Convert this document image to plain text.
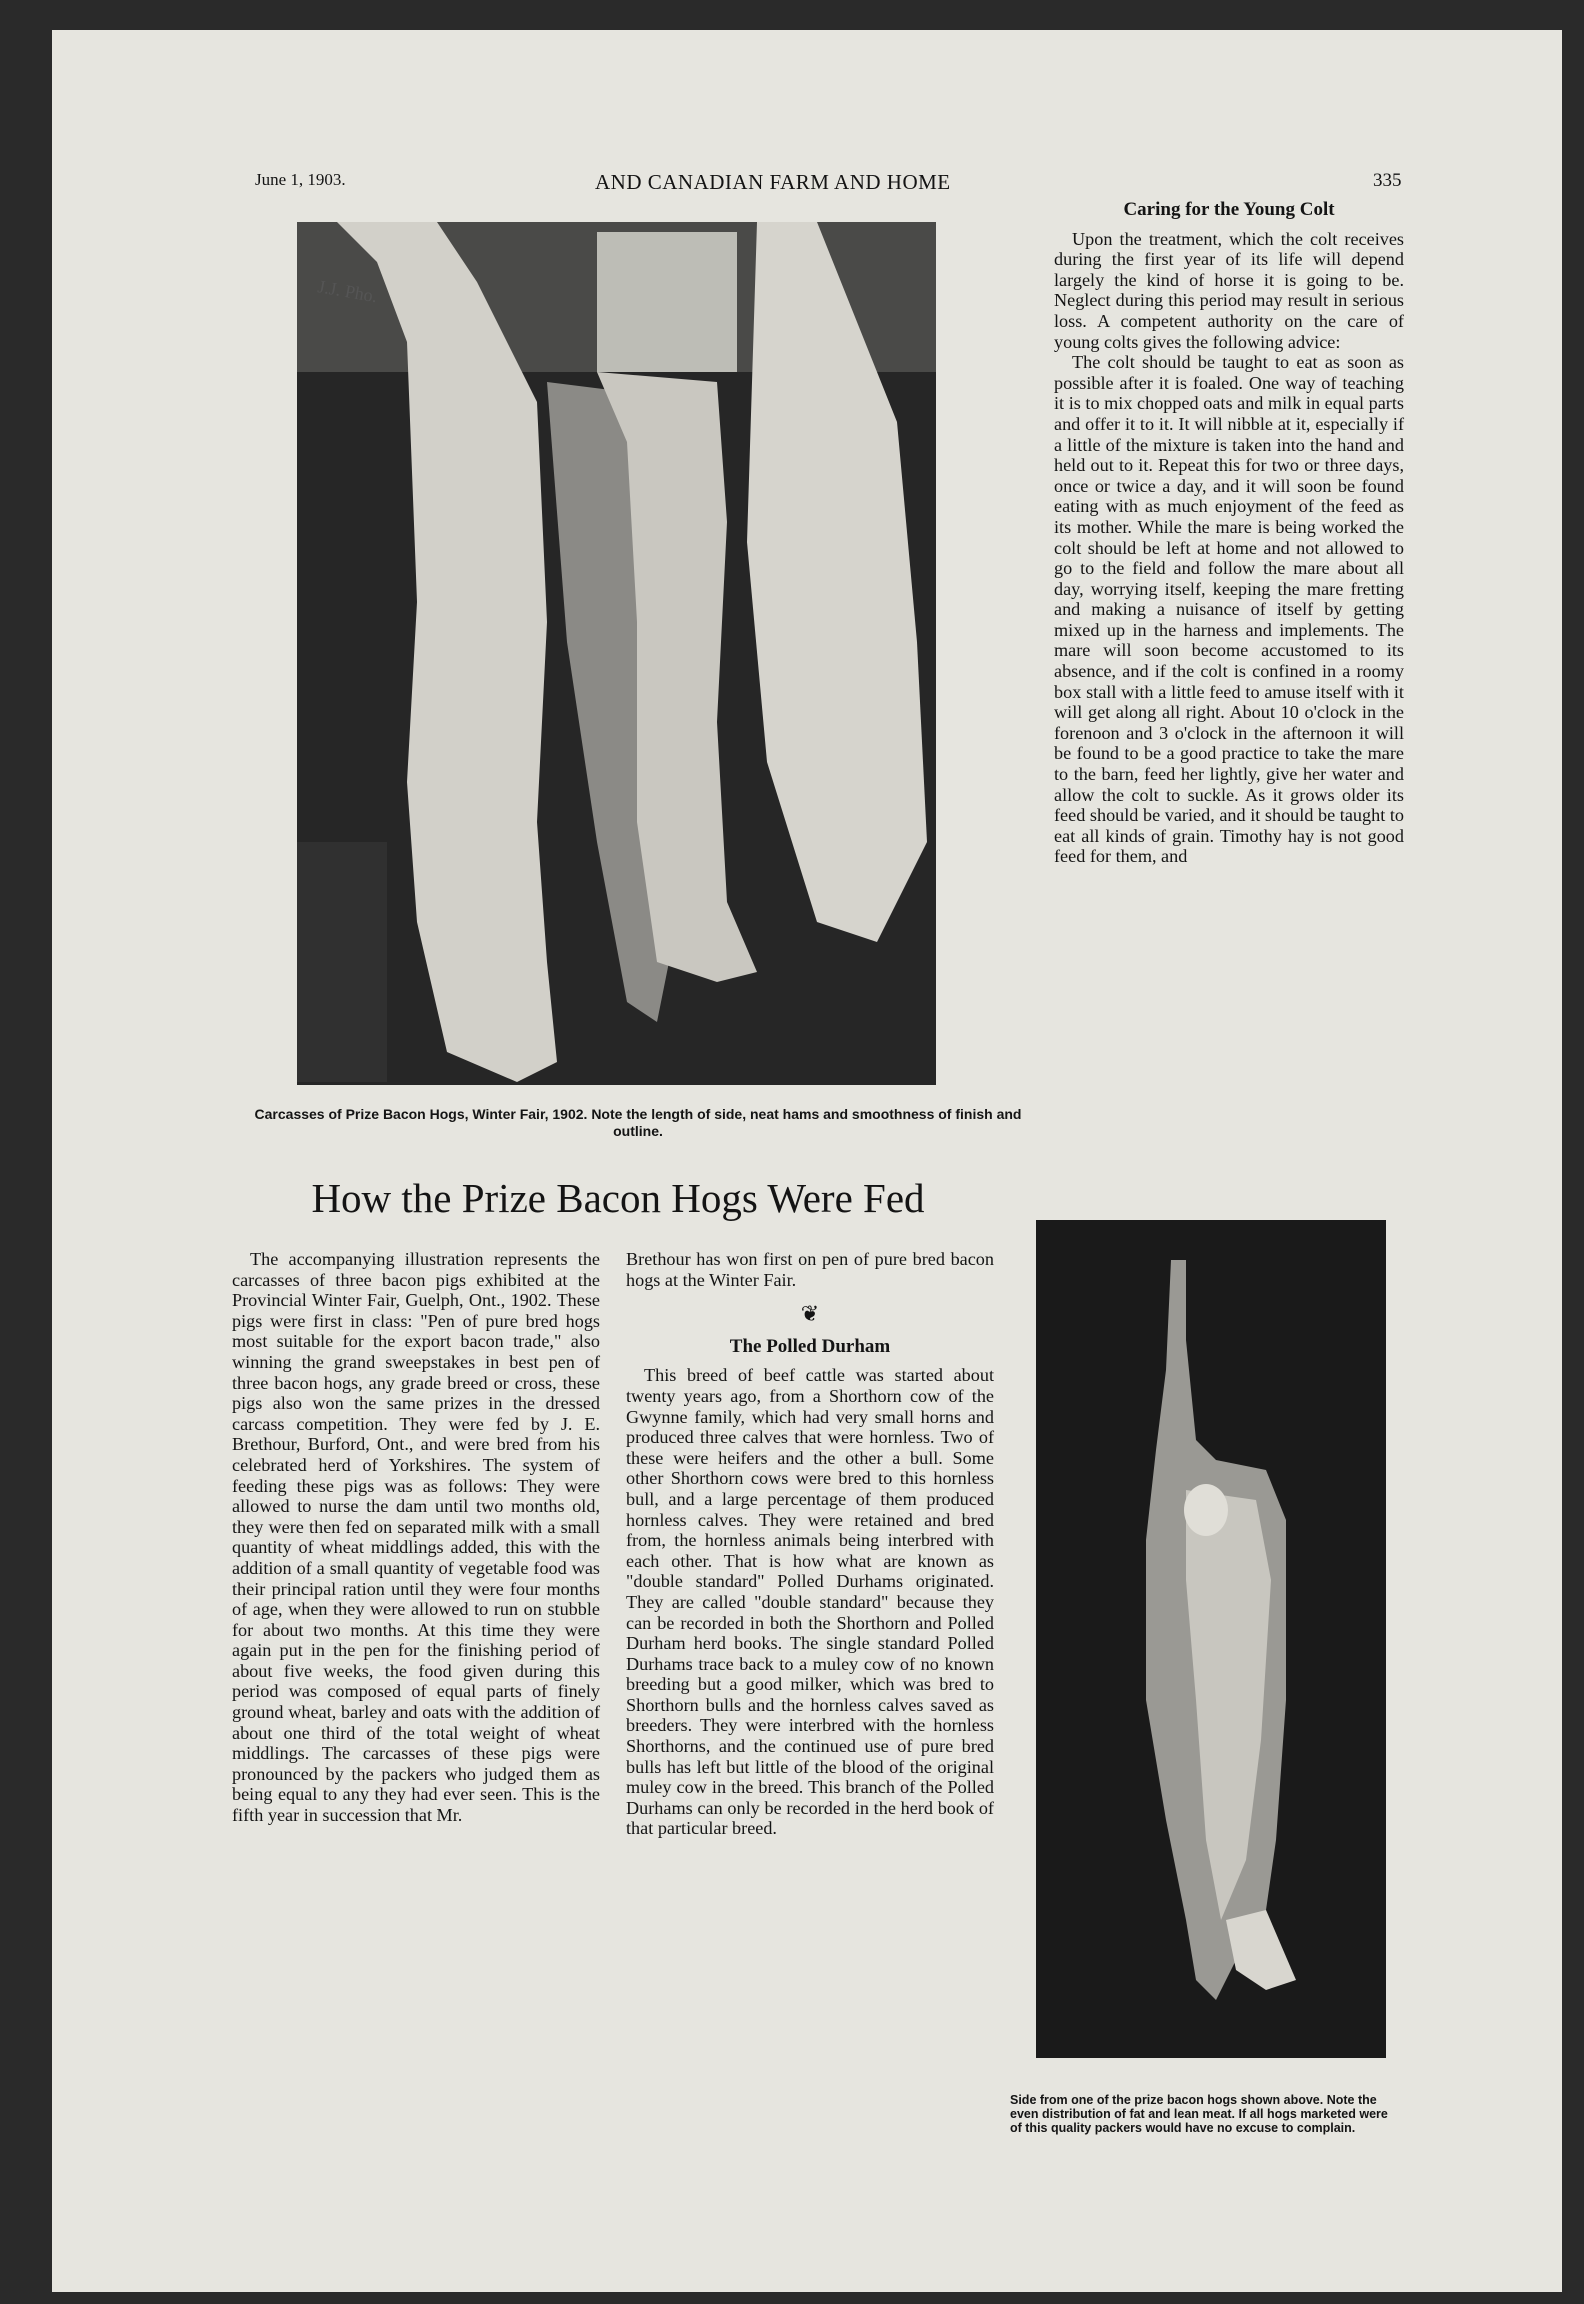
June 1, 1903.	AND CANADIAN FARM AND HOME	335
J.J. Pho.
Carcasses of Prize Bacon Hogs, Winter Fair, 1902. Note the length of side, neat hams and smoothness of finish and outline.
Caring for the Young Colt

Upon the treatment, which the colt receives during the first year of its life will depend largely the kind of horse it is going to be. Neglect during this period may result in serious loss. A competent authority on the care of young colts gives the following advice:

The colt should be taught to eat as soon as possible after it is foaled. One way of teaching it is to mix chopped oats and milk in equal parts and offer it to it. It will nibble at it, especially if a little of the mixture is taken into the hand and held out to it. Repeat this for two or three days, once or twice a day, and it will soon be found eating with as much enjoyment of the feed as its mother. While the mare is being worked the colt should be left at home and not allowed to go to the field and follow the mare about all day, worrying itself, keeping the mare fretting and making a nuisance of itself by getting mixed up in the harness and implements. The mare will soon become accustomed to its absence, and if the colt is confined in a roomy box stall with a little feed to amuse itself with it will get along all right. About 10 o'clock in the forenoon and 3 o'clock in the afternoon it will be found to be a good practice to take the mare to the barn, feed her lightly, give her water and allow the colt to suckle. As it grows older its feed should be varied, and it should be taught to eat all kinds of grain. Timothy hay is not good feed for them, and

Side from one of the prize bacon hogs shown above. Note the even distribution of fat and lean meat. If all hogs marketed were of this quality packers would have no excuse to complain.
How the Prize Bacon Hogs Were Fed

The accompanying illustration represents the carcasses of three bacon pigs exhibited at the Provincial Winter Fair, Guelph, Ont., 1902. These pigs were first in class: "Pen of pure bred hogs most suitable for the export bacon trade," also winning the grand sweepstakes in best pen of three bacon hogs, any grade breed or cross, these pigs also won the same prizes in the dressed carcass competition. They were fed by J. E. Brethour, Burford, Ont., and were bred from his celebrated herd of Yorkshires. The system of feeding these pigs was as follows: They were allowed to nurse the dam until two months old, they were then fed on separated milk with a small quantity of wheat middlings added, this with the addition of a small quantity of vegetable food was their principal ration until they were four months of age, when they were allowed to run on stubble for about two months. At this time they were again put in the pen for the finishing period of about five weeks, the food given during this period was composed of equal parts of finely ground wheat, barley and oats with the addition of about one third of the total weight of wheat middlings. The carcasses of these pigs were pronounced by the packers who judged them as being equal to any they had ever seen. This is the fifth year in succession that Mr.

Brethour has won first on pen of pure bred bacon hogs at the Winter Fair.

❦
The Polled Durham

This breed of beef cattle was started about twenty years ago, from a Shorthorn cow of the Gwynne family, which had very small horns and produced three calves that were hornless. Two of these were heifers and the other a bull. Some other Shorthorn cows were bred to this hornless bull, and a large percentage of them produced hornless calves. They were retained and bred from, the hornless animals being interbred with each other. That is how what are known as "double standard" Polled Durhams originated. They are called "double standard" because they can be recorded in both the Shorthorn and Polled Durham herd books. The single standard Polled Durhams trace back to a muley cow of no known breeding but a good milker, which was bred to Shorthorn bulls and the hornless calves saved as breeders. They were interbred with the hornless Shorthorns, and the continued use of pure bred bulls has left but little of the blood of the original muley cow in the breed. This branch of the Polled Durhams can only be recorded in the herd book of that particular breed.
